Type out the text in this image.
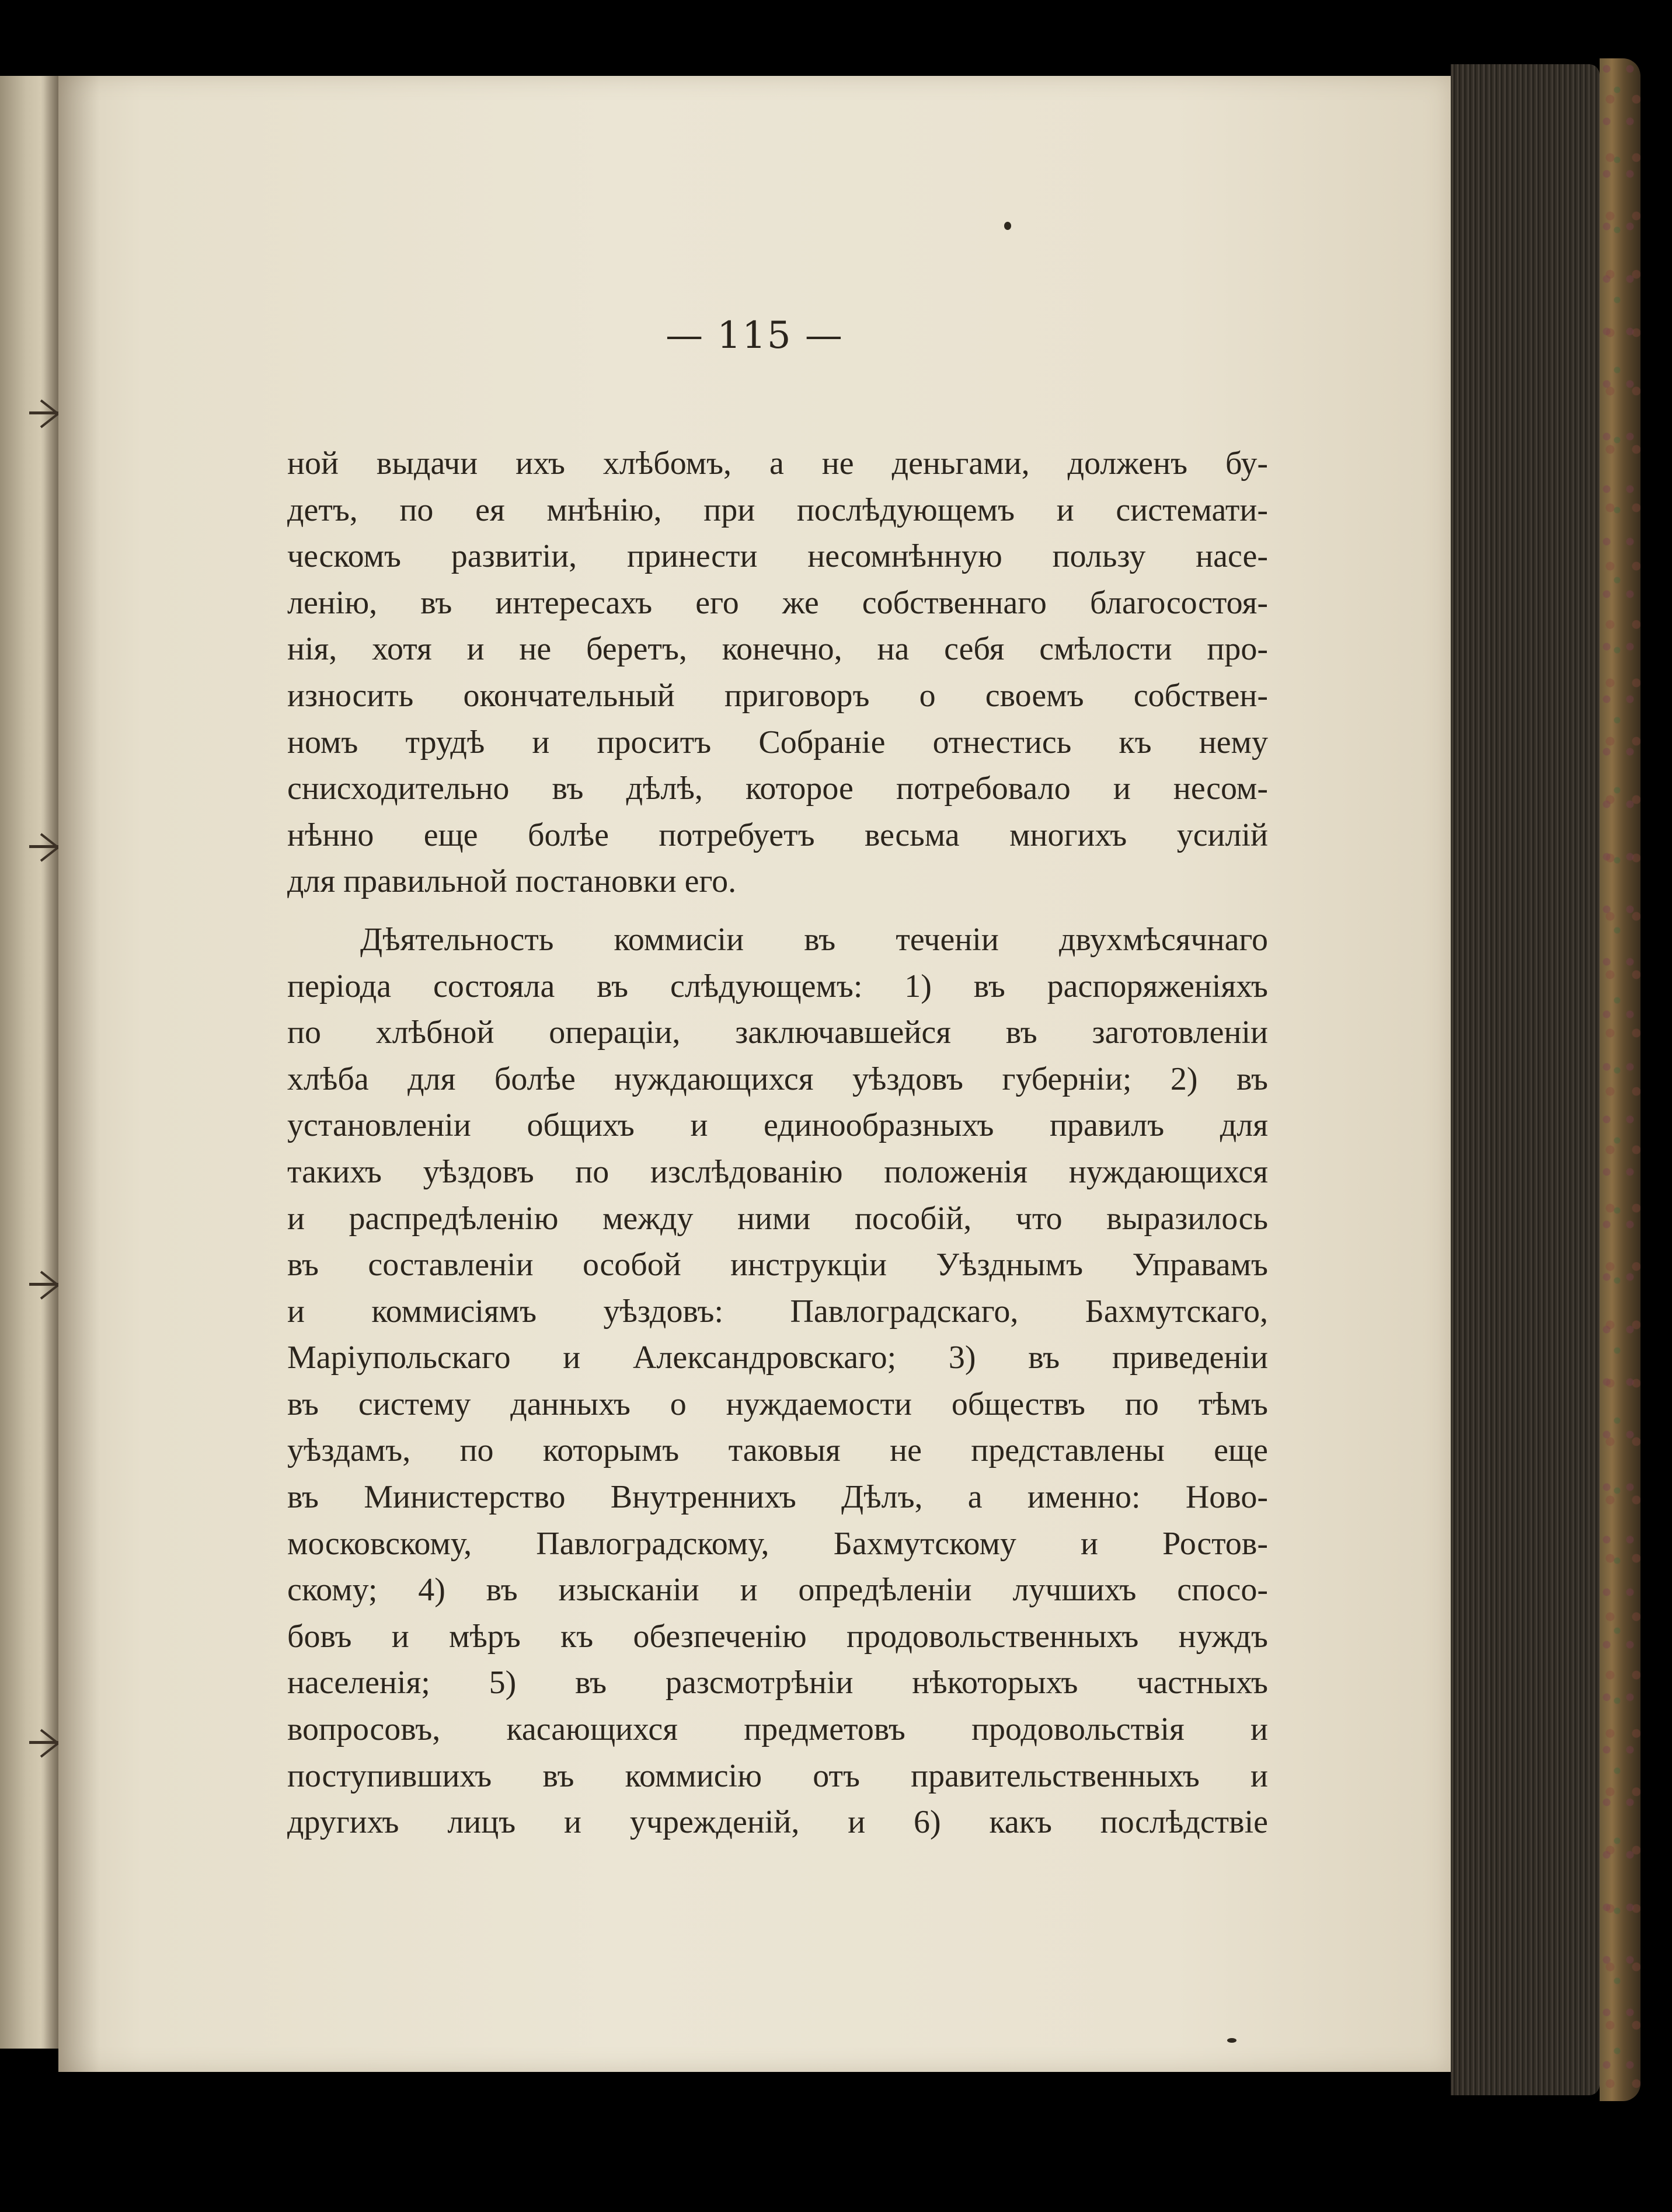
— 115 —
ной выдачи ихъ хлѣбомъ, а не деньгами, долженъ бу-
детъ, по ея мнѣнію, при послѣдующемъ и системати-
ческомъ развитіи, принести несомнѣнную пользу насе-
ленію, въ интересахъ его же собственнаго благосостоя-
нія, хотя и не беретъ, конечно, на себя смѣлости про-
износить окончательный приговоръ о своемъ собствен-
номъ трудѣ и проситъ Собраніе отнестись къ нему
снисходительно въ дѣлѣ, которое потребовало и несом-
нѣнно еще болѣе потребуетъ весьма многихъ усилій
для правильной постановки его.
Дѣятельность коммисіи въ теченіи двухмѣсячнаго
періода состояла въ слѣдующемъ: 1) въ распоряженіяхъ
по хлѣбной операціи, заключавшейся въ заготовленіи
хлѣба для болѣе нуждающихся уѣздовъ губерніи; 2) въ
установленіи общихъ и единообразныхъ правилъ для
такихъ уѣздовъ по изслѣдованію положенія нуждающихся
и распредѣленію между ними пособій, что выразилось
въ составленіи особой инструкціи Уѣзднымъ Управамъ
и коммисіямъ уѣздовъ: Павлоградскаго, Бахмутскаго,
Маріупольскаго и Александровскаго; 3) въ приведеніи
въ систему данныхъ о нуждаемости обществъ по тѣмъ
уѣздамъ, по которымъ таковыя не представлены еще
въ Министерство Внутреннихъ Дѣлъ, а именно: Ново-
московскому, Павлоградскому, Бахмутскому и Ростов-
скому; 4) въ изысканіи и опредѣленіи лучшихъ спосо-
бовъ и мѣръ къ обезпеченію продовольственныхъ нуждъ
населенія; 5) въ разсмотрѣніи нѣкоторыхъ частныхъ
вопросовъ, касающихся предметовъ продовольствія и
поступившихъ въ коммисію отъ правительственныхъ и
другихъ лицъ и учрежденій, и 6) какъ послѣдствіе
